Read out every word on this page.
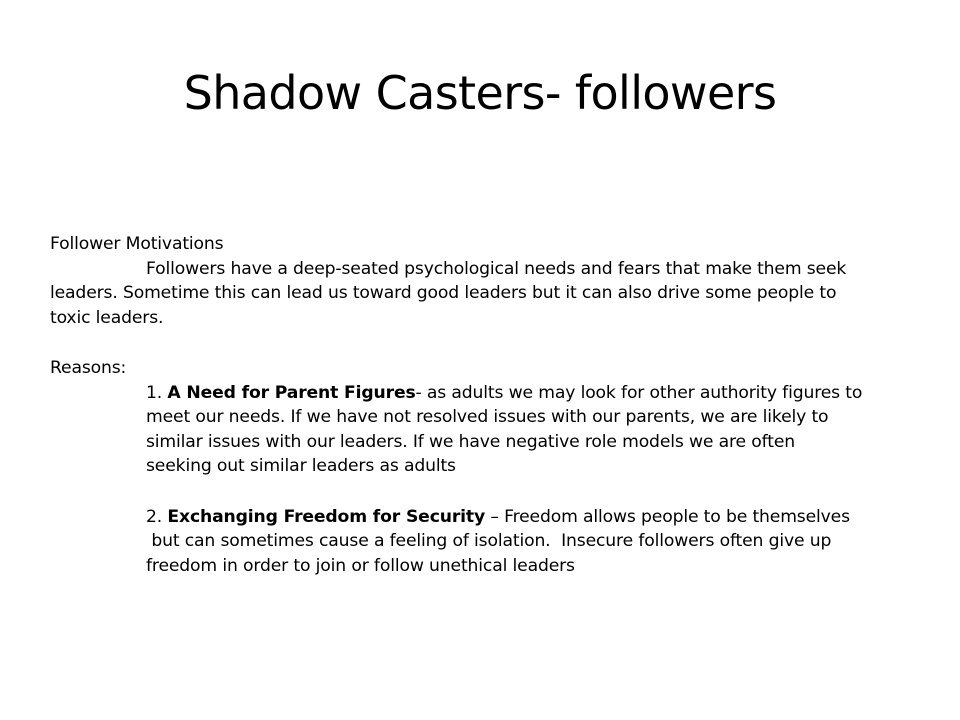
Shadow Casters- followers
Follower Motivations
Followers have a deep-seated psychological needs and fears that make them seek
leaders. Sometime this can lead us toward good leaders but it can also drive some people to
toxic leaders.
Reasons:
1. A Need for Parent Figures- as adults we may look for other authority figures to
meet our needs. If we have not resolved issues with our parents, we are likely to
similar issues with our leaders. If we have negative role models we are often
seeking out similar leaders as adults
2. Exchanging Freedom for Security – Freedom allows people to be themselves
but can sometimes cause a feeling of isolation.  Insecure followers often give up
freedom in order to join or follow unethical leaders
